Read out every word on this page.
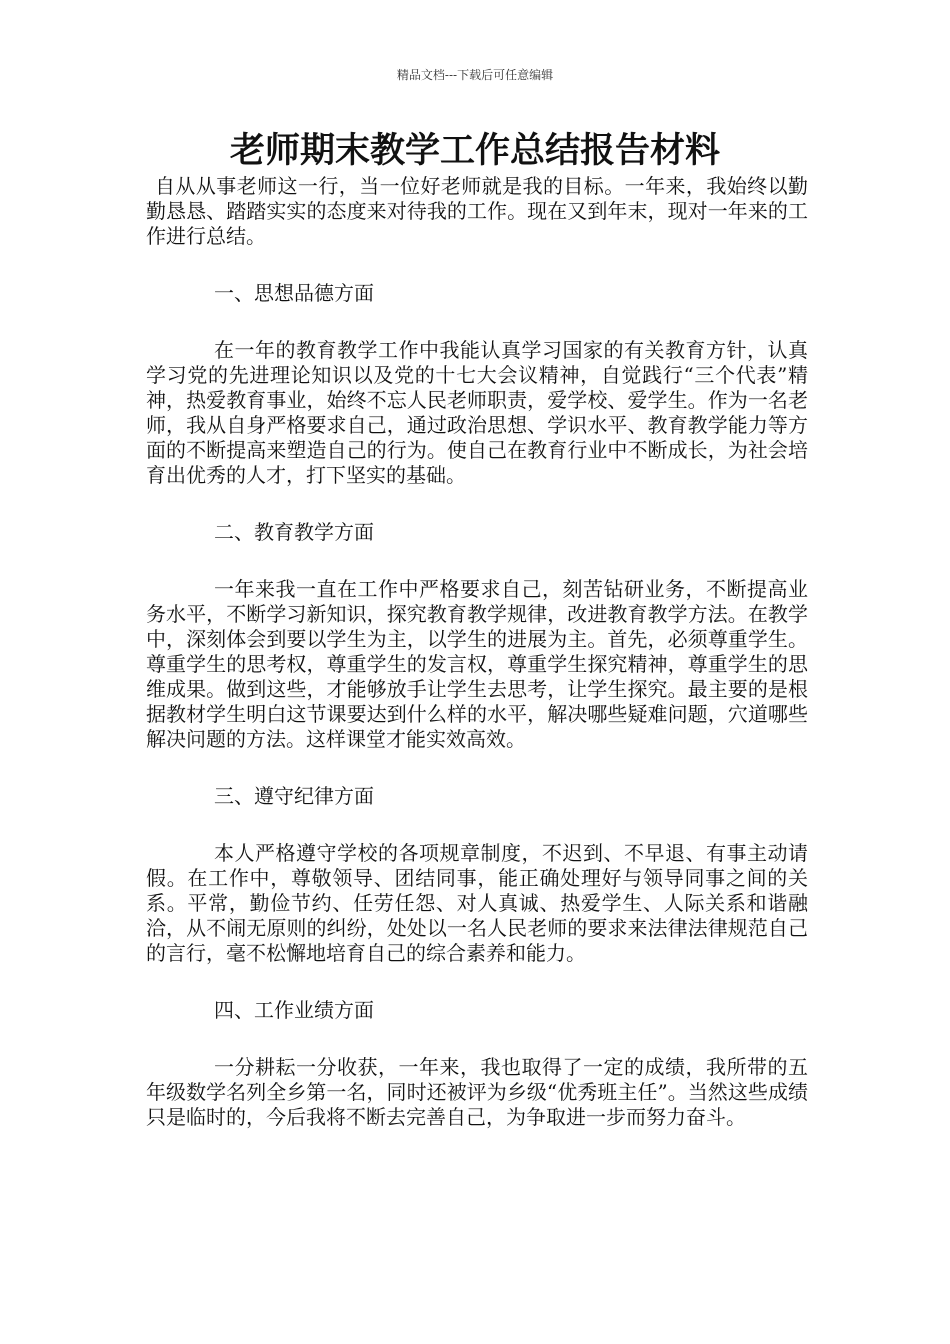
精品文档---下载后可任意编辑
老师期末教学工作总结报告材料

自从从事老师这一行，当一位好老师就是我的目标。一年来，我始终以勤勤恳恳、踏踏实实的态度来对待我的工作。现在又到年末，现对一年来的工作进行总结。

一、思想品德方面

在一年的教育教学工作中我能认真学习国家的有关教育方针，认真学习党的先进理论知识以及党的十七大会议精神，自觉践行“三个代表”精神，热爱教育事业，始终不忘人民老师职责，爱学校、爱学生。作为一名老师，我从自身严格要求自己，通过政治思想、学识水平、教育教学能力等方面的不断提高来塑造自己的行为。使自己在教育行业中不断成长，为社会培育出优秀的人才，打下坚实的基础。

二、教育教学方面

一年来我一直在工作中严格要求自己，刻苦钻研业务，不断提高业务水平，不断学习新知识，探究教育教学规律，改进教育教学方法。在教学中，深刻体会到要以学生为主，以学生的进展为主。首先，必须尊重学生。尊重学生的思考权，尊重学生的发言权，尊重学生探究精神，尊重学生的思维成果。做到这些，才能够放手让学生去思考，让学生探究。最主要的是根据教材学生明白这节课要达到什么样的水平，解决哪些疑难问题，穴道哪些解决问题的方法。这样课堂才能实效高效。

三、遵守纪律方面

本人严格遵守学校的各项规章制度，不迟到、不早退、有事主动请假。在工作中，尊敬领导、团结同事，能正确处理好与领导同事之间的关系。平常，勤俭节约、任劳任怨、对人真诚、热爱学生、人际关系和谐融洽，从不闹无原则的纠纷，处处以一名人民老师的要求来法律法律规范自己的言行，毫不松懈地培育自己的综合素养和能力。

四、工作业绩方面

一分耕耘一分收获，一年来，我也取得了一定的成绩，我所带的五年级数学名列全乡第一名，同时还被评为乡级“优秀班主任”。当然这些成绩只是临时的，今后我将不断去完善自己，为争取进一步而努力奋斗。
